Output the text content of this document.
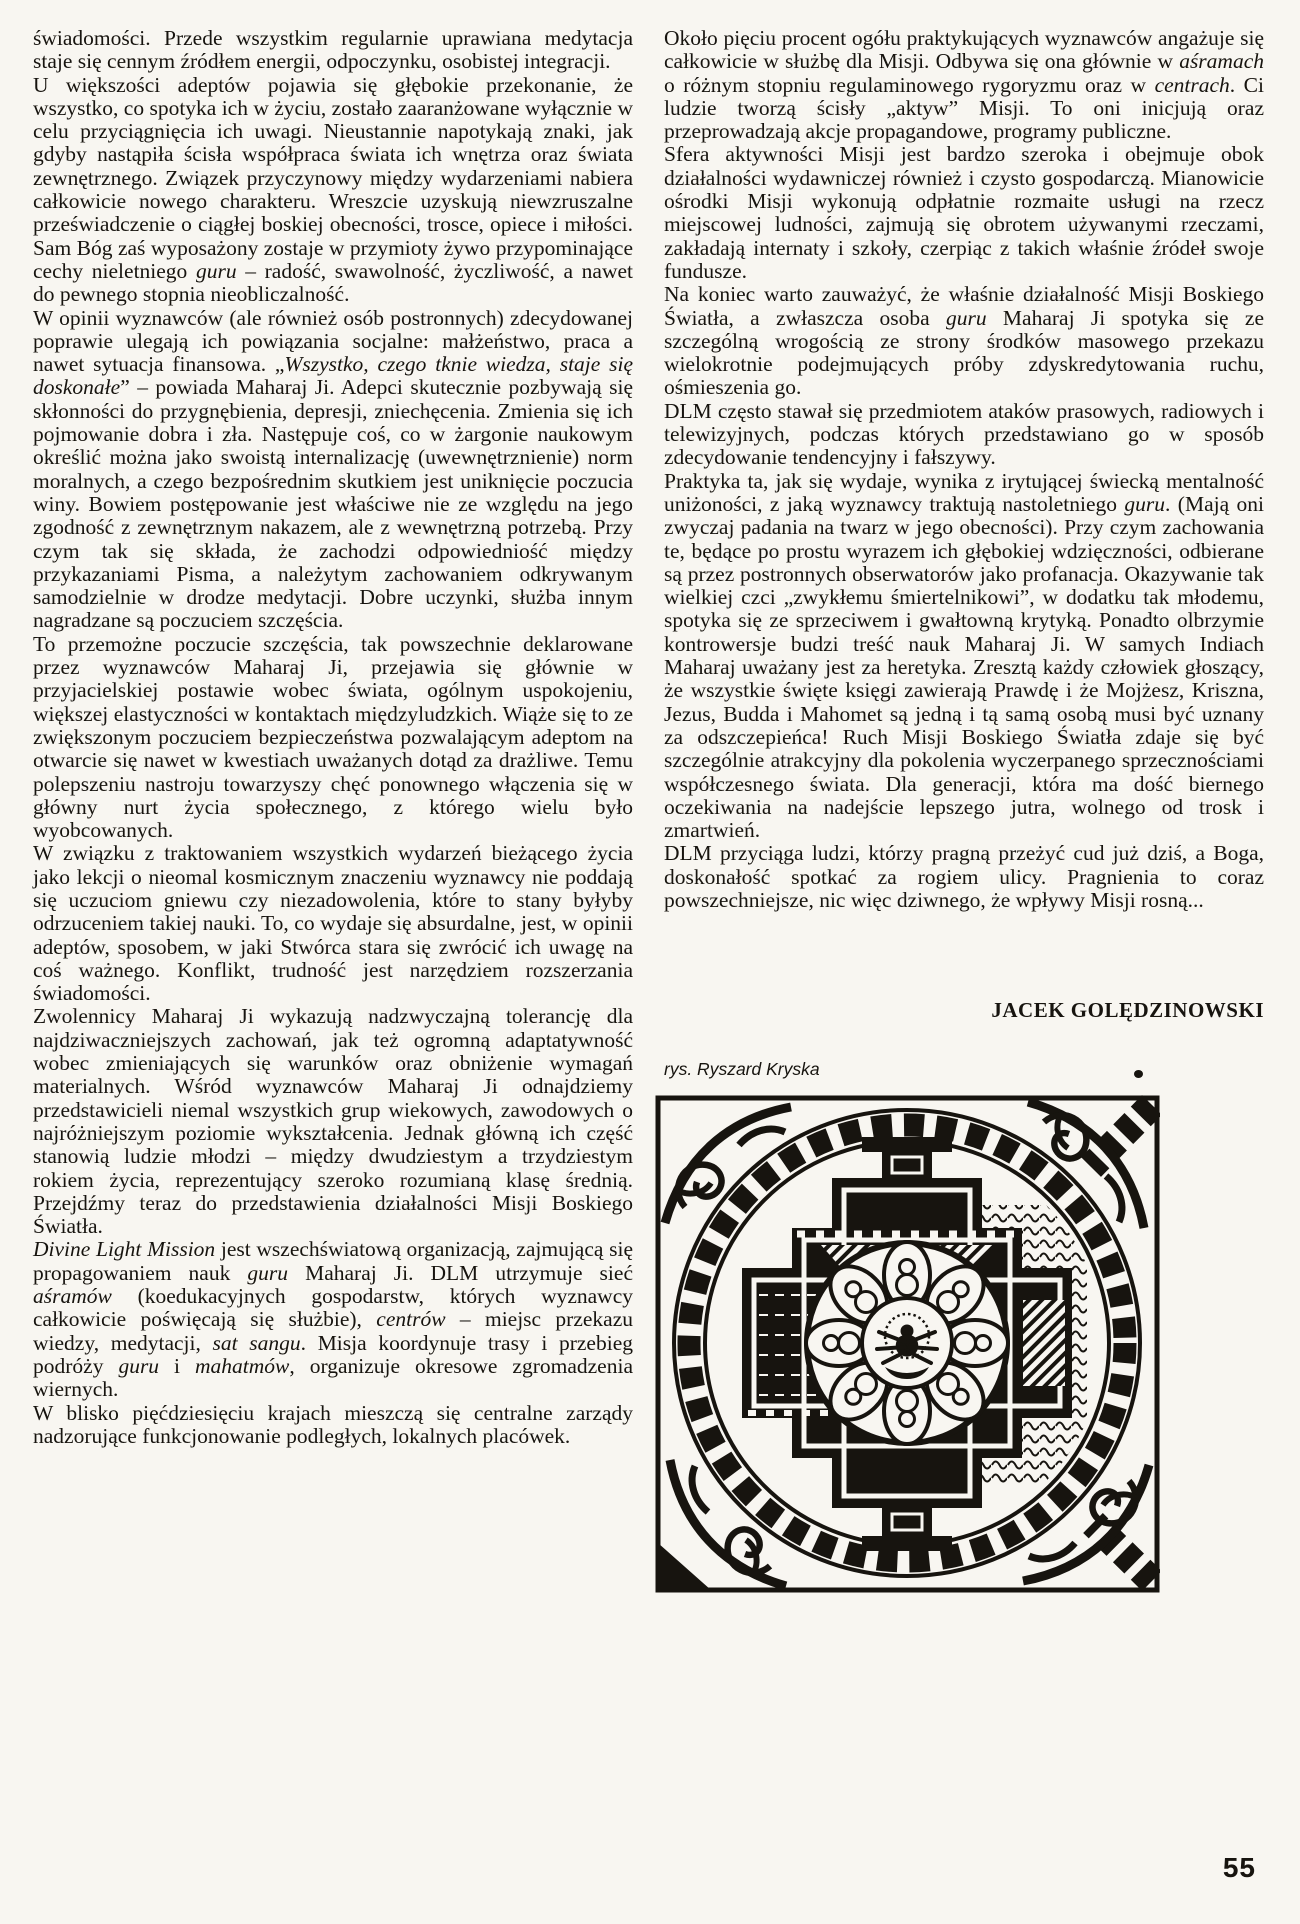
świadomości. Przede wszystkim regularnie uprawiana medytacja staje się cennym źródłem energii, odpoczynku, osobistej integracji.

U większości adeptów pojawia się głębokie przekonanie, że wszystko, co spotyka ich w życiu, zostało zaaranżowane wyłącznie w celu przyciągnięcia ich uwagi. Nieustannie napotykają znaki, jak gdyby nastąpiła ścisła współpraca świata ich wnętrza oraz świata zewnętrznego. Związek przyczynowy między wydarzeniami nabiera całkowicie nowego charakteru. Wreszcie uzyskują niewzruszalne przeświadczenie o ciągłej boskiej obecności, trosce, opiece i miłości. Sam Bóg zaś wyposażony zostaje w przymioty żywo przypominające cechy nieletniego guru – radość, swawolność, życzliwość, a nawet do pewnego stopnia nieobliczalność.

W opinii wyznawców (ale również osób postronnych) zdecydowanej poprawie ulegają ich powiązania socjalne: małżeństwo, praca a nawet sytuacja finansowa. „Wszystko, czego tknie wiedza, staje się doskonałe” – powiada Maharaj Ji. Adepci skutecznie pozbywają się skłonności do przygnębienia, depresji, zniechęcenia. Zmienia się ich pojmowanie dobra i zła. Następuje coś, co w żargonie naukowym określić można jako swoistą internalizację (uwewnętrznienie) norm moralnych, a czego bezpośrednim skutkiem jest uniknięcie poczucia winy. Bowiem postępowanie jest właściwe nie ze względu na jego zgodność z zewnętrznym nakazem, ale z wewnętrzną potrzebą. Przy czym tak się składa, że zachodzi odpowiedniość między przykazaniami Pisma, a należytym zachowaniem odkrywanym samodzielnie w drodze medytacji. Dobre uczynki, służba innym nagradzane są poczuciem szczęścia.

To przemożne poczucie szczęścia, tak powszechnie deklarowane przez wyznawców Maharaj Ji, przejawia się głównie w przyjacielskiej postawie wobec świata, ogólnym uspokojeniu, większej elastyczności w kontaktach międzyludzkich. Wiąże się to ze zwiększonym poczuciem bezpieczeństwa pozwalającym adeptom na otwarcie się nawet w kwestiach uważanych dotąd za drażliwe. Temu polepszeniu nastroju towarzyszy chęć ponownego włączenia się w główny nurt życia społecznego, z którego wielu było wyobcowanych.

W związku z traktowaniem wszystkich wydarzeń bieżącego życia jako lekcji o nieomal kosmicznym znaczeniu wyznawcy nie poddają się uczuciom gniewu czy niezadowolenia, które to stany byłyby odrzuceniem takiej nauki. To, co wydaje się absurdalne, jest, w opinii adeptów, sposobem, w jaki Stwórca stara się zwrócić ich uwagę na coś ważnego. Konflikt, trudność jest narzędziem rozszerzania świadomości.

Zwolennicy Maharaj Ji wykazują nadzwyczajną tolerancję dla najdziwaczniejszych zachowań, jak też ogromną adaptatywność wobec zmieniających się warunków oraz obniżenie wymagań materialnych. Wśród wyznawców Maharaj Ji odnajdziemy przedstawicieli niemal wszystkich grup wiekowych, zawodowych o najróżniejszym poziomie wykształcenia. Jednak główną ich część stanowią ludzie młodzi – między dwudziestym a trzydziestym rokiem życia, reprezentujący szeroko rozumianą klasę średnią. Przejdźmy teraz do przedstawienia działalności Misji Boskiego Światła.

Divine Light Mission jest wszechświatową organizacją, zajmującą się propagowaniem nauk guru Maharaj Ji. DLM utrzymuje sieć aśramów (koedukacyjnych gospodarstw, których wyznawcy całkowicie poświęcają się służbie), centrów – miejsc przekazu wiedzy, medytacji, sat sangu. Misja koordynuje trasy i przebieg podróży guru i mahatmów, organizuje okresowe zgromadzenia wiernych.

W blisko pięćdziesięciu krajach mieszczą się centralne zarządy nadzorujące funkcjonowanie podległych, lokalnych placówek.

Około pięciu procent ogółu praktykujących wyznawców angażuje się całkowicie w służbę dla Misji. Odbywa się ona głównie w aśramach o różnym stopniu regulaminowego rygoryzmu oraz w centrach. Ci ludzie tworzą ścisły „aktyw” Misji. To oni inicjują oraz przeprowadzają akcje propagandowe, programy publiczne.

Sfera aktywności Misji jest bardzo szeroka i obejmuje obok działalności wydawniczej również i czysto gospodarczą. Mianowicie ośrodki Misji wykonują odpłatnie rozmaite usługi na rzecz miejscowej ludności, zajmują się obrotem używanymi rzeczami, zakładają internaty i szkoły, czerpiąc z takich właśnie źródeł swoje fundusze.

Na koniec warto zauważyć, że właśnie działalność Misji Boskiego Światła, a zwłaszcza osoba guru Maharaj Ji spotyka się ze szczególną wrogością ze strony środków masowego przekazu wielokrotnie podejmujących próby zdyskredytowania ruchu, ośmieszenia go.

DLM często stawał się przedmiotem ataków prasowych, radiowych i telewizyjnych, podczas których przedstawiano go w sposób zdecydowanie tendencyjny i fałszywy.

Praktyka ta, jak się wydaje, wynika z irytującej świecką mentalność uniżoności, z jaką wyznawcy traktują nastoletniego guru. (Mają oni zwyczaj padania na twarz w jego obecności). Przy czym zachowania te, będące po prostu wyrazem ich głębokiej wdzięczności, odbierane są przez postronnych obserwatorów jako profanacja. Okazywanie tak wielkiej czci „zwykłemu śmiertelnikowi”, w dodatku tak młodemu, spotyka się ze sprzeciwem i gwałtowną krytyką. Ponadto olbrzymie kontrowersje budzi treść nauk Maharaj Ji. W samych Indiach Maharaj uważany jest za heretyka. Zresztą każdy człowiek głoszący, że wszystkie święte księgi zawierają Prawdę i że Mojżesz, Kriszna, Jezus, Budda i Mahomet są jedną i tą samą osobą musi być uznany za odszczepieńca! Ruch Misji Boskiego Światła zdaje się być szczególnie atrakcyjny dla pokolenia wyczerpanego sprzecznościami współczesnego świata. Dla generacji, która ma dość biernego oczekiwania na nadejście lepszego jutra, wolnego od trosk i zmartwień.

DLM przyciąga ludzi, którzy pragną przeżyć cud już dziś, a Boga, doskonałość spotkać za rogiem ulicy. Pragnienia to coraz powszechniejsze, nic więc dziwnego, że wpływy Misji rosną...

JACEK GOLĘDZINOWSKI
rys. Ryszard Kryska
55
